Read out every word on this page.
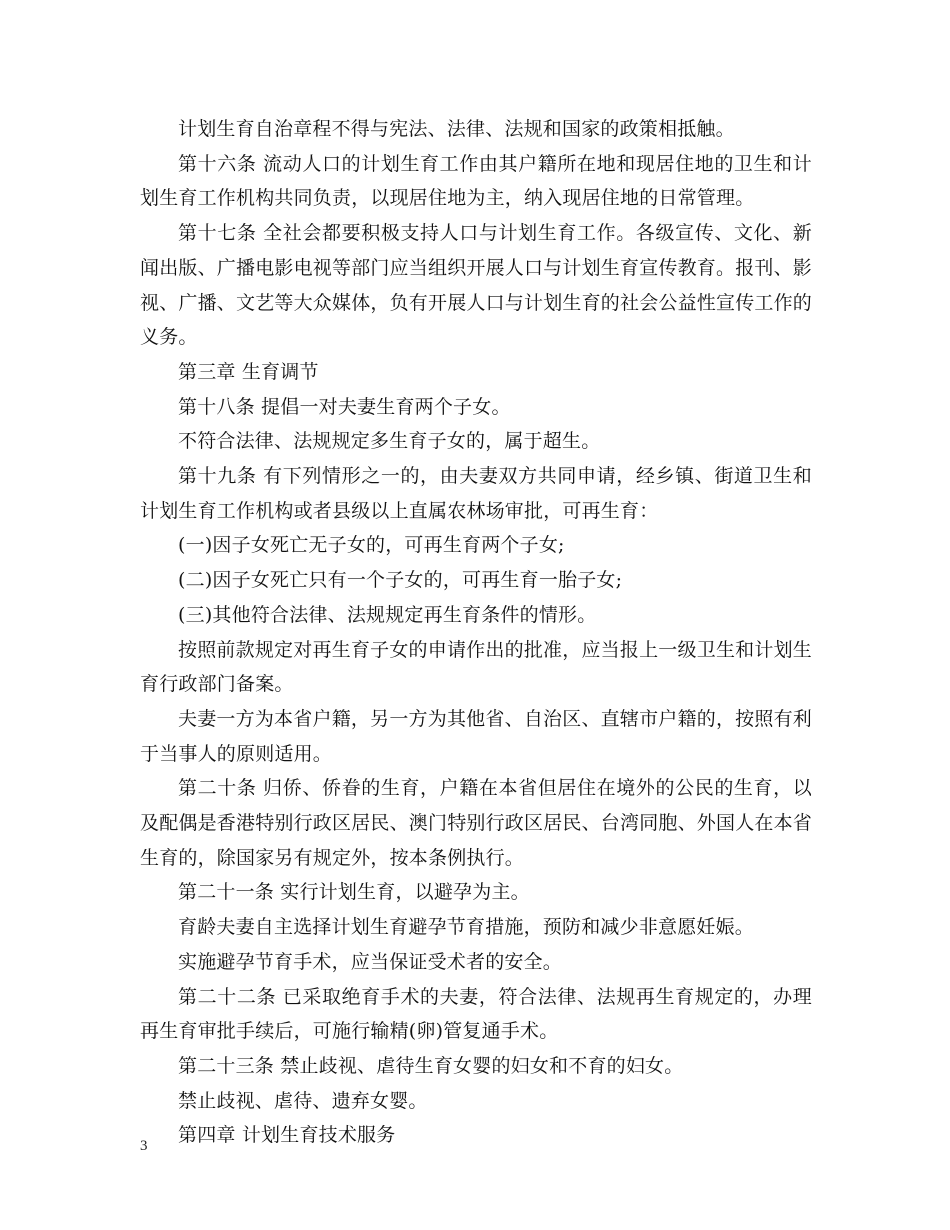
计划生育自治章程不得与宪法、法律、法规和国家的政策相抵触。

第十六条 流动人口的计划生育工作由其户籍所在地和现居住地的卫生和计划生育工作机构共同负责，以现居住地为主，纳入现居住地的日常管理。

第十七条 全社会都要积极支持人口与计划生育工作。各级宣传、文化、新闻出版、广播电影电视等部门应当组织开展人口与计划生育宣传教育。报刊、影视、广播、文艺等大众媒体，负有开展人口与计划生育的社会公益性宣传工作的义务。

第三章 生育调节

第十八条 提倡一对夫妻生育两个子女。

不符合法律、法规规定多生育子女的，属于超生。

第十九条 有下列情形之一的，由夫妻双方共同申请，经乡镇、街道卫生和计划生育工作机构或者县级以上直属农林场审批，可再生育：

(一)因子女死亡无子女的，可再生育两个子女;

(二)因子女死亡只有一个子女的，可再生育一胎子女;

(三)其他符合法律、法规规定再生育条件的情形。

按照前款规定对再生育子女的申请作出的批准，应当报上一级卫生和计划生育行政部门备案。

夫妻一方为本省户籍，另一方为其他省、自治区、直辖市户籍的，按照有利于当事人的原则适用。

第二十条 归侨、侨眷的生育，户籍在本省但居住在境外的公民的生育，以及配偶是香港特别行政区居民、澳门特别行政区居民、台湾同胞、外国人在本省生育的，除国家另有规定外，按本条例执行。

第二十一条 实行计划生育，以避孕为主。

育龄夫妻自主选择计划生育避孕节育措施，预防和减少非意愿妊娠。

实施避孕节育手术，应当保证受术者的安全。

第二十二条 已采取绝育手术的夫妻，符合法律、法规再生育规定的，办理再生育审批手续后，可施行输精(卵)管复通手术。

第二十三条 禁止歧视、虐待生育女婴的妇女和不育的妇女。

禁止歧视、虐待、遗弃女婴。

第四章 计划生育技术服务

3
